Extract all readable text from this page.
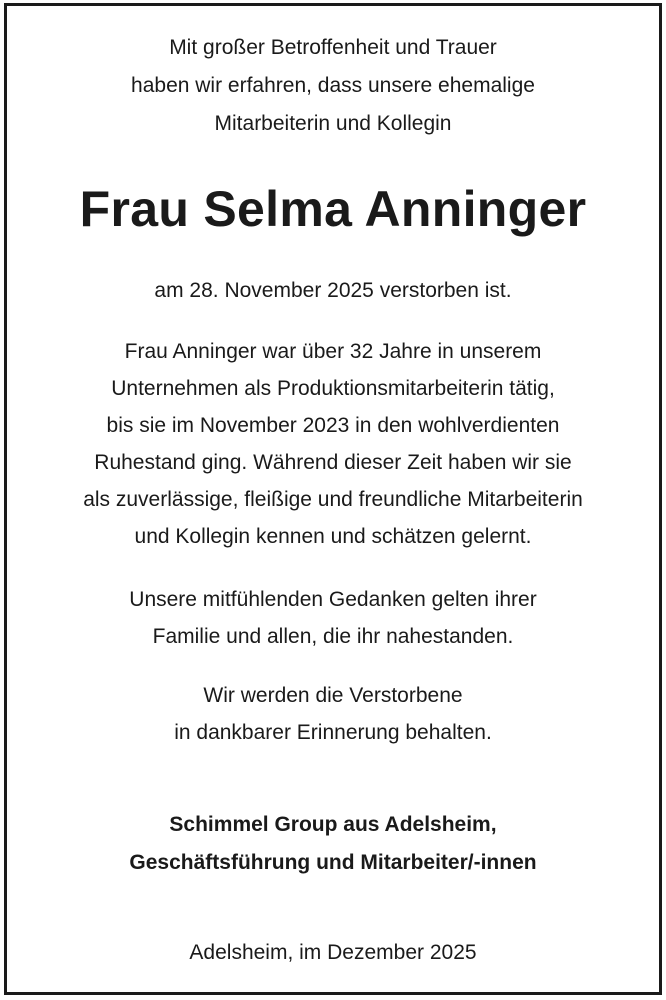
Mit großer Betroffenheit und Trauer
haben wir erfahren, dass unsere ehemalige
Mitarbeiterin und Kollegin
Frau Selma Anninger
am 28. November 2025 verstorben ist.
Frau Anninger war über 32 Jahre in unserem
Unternehmen als Produktionsmitarbeiterin tätig,
bis sie im November 2023 in den wohlverdienten
Ruhestand ging. Während dieser Zeit haben wir sie
als zuverlässige, fleißige und freundliche Mitarbeiterin
und Kollegin kennen und schätzen gelernt.
Unsere mitfühlenden Gedanken gelten ihrer
Familie und allen, die ihr nahestanden.
Wir werden die Verstorbene
in dankbarer Erinnerung behalten.
Schimmel Group aus Adelsheim,
Geschäftsführung und Mitarbeiter/-innen
Adelsheim, im Dezember 2025
